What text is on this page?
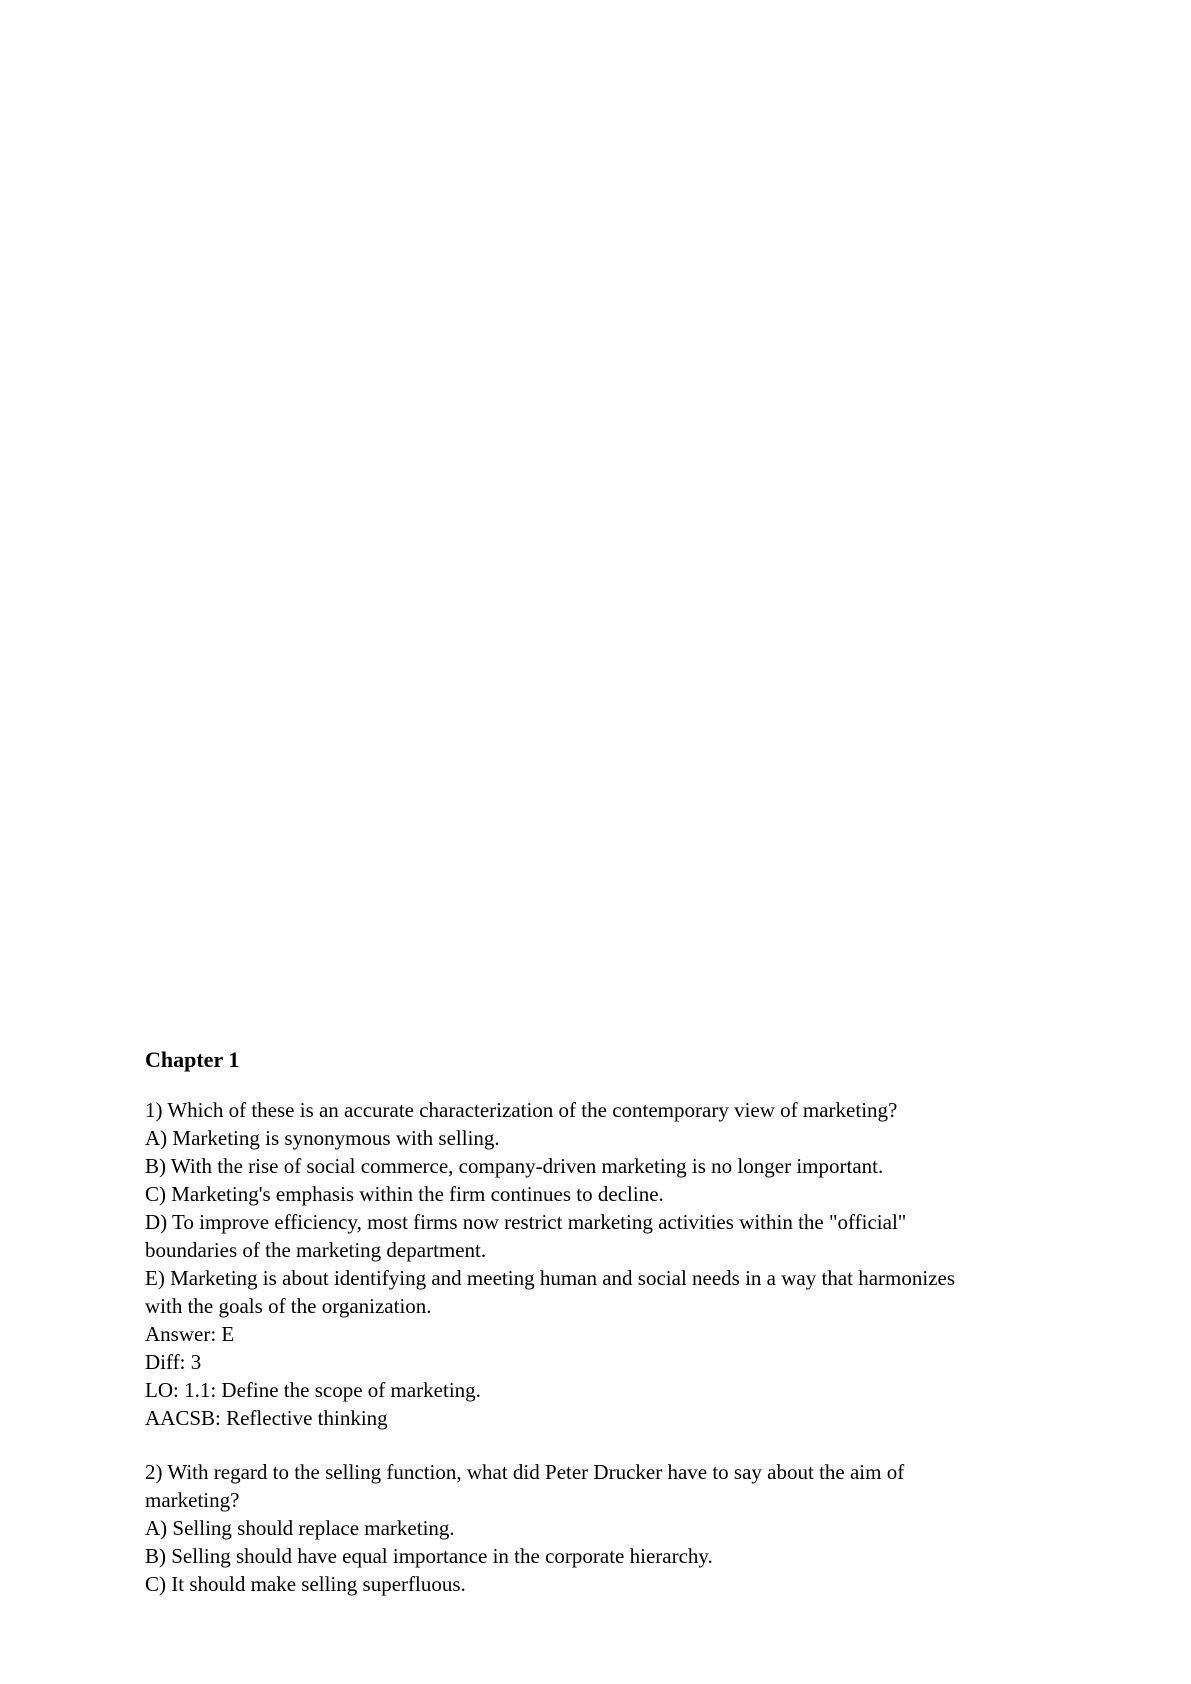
Chapter 1
1) Which of these is an accurate characterization of the contemporary view of marketing?
A) Marketing is synonymous with selling.
B) With the rise of social commerce, company-driven marketing is no longer important.
C) Marketing's emphasis within the firm continues to decline.
D) To improve efficiency, most firms now restrict marketing activities within the "official"
boundaries of the marketing department.
E) Marketing is about identifying and meeting human and social needs in a way that harmonizes
with the goals of the organization.
Answer: E
Diff: 3
LO: 1.1: Define the scope of marketing.
AACSB: Reflective thinking
2) With regard to the selling function, what did Peter Drucker have to say about the aim of
marketing?
A) Selling should replace marketing.
B) Selling should have equal importance in the corporate hierarchy.
C) It should make selling superfluous.
